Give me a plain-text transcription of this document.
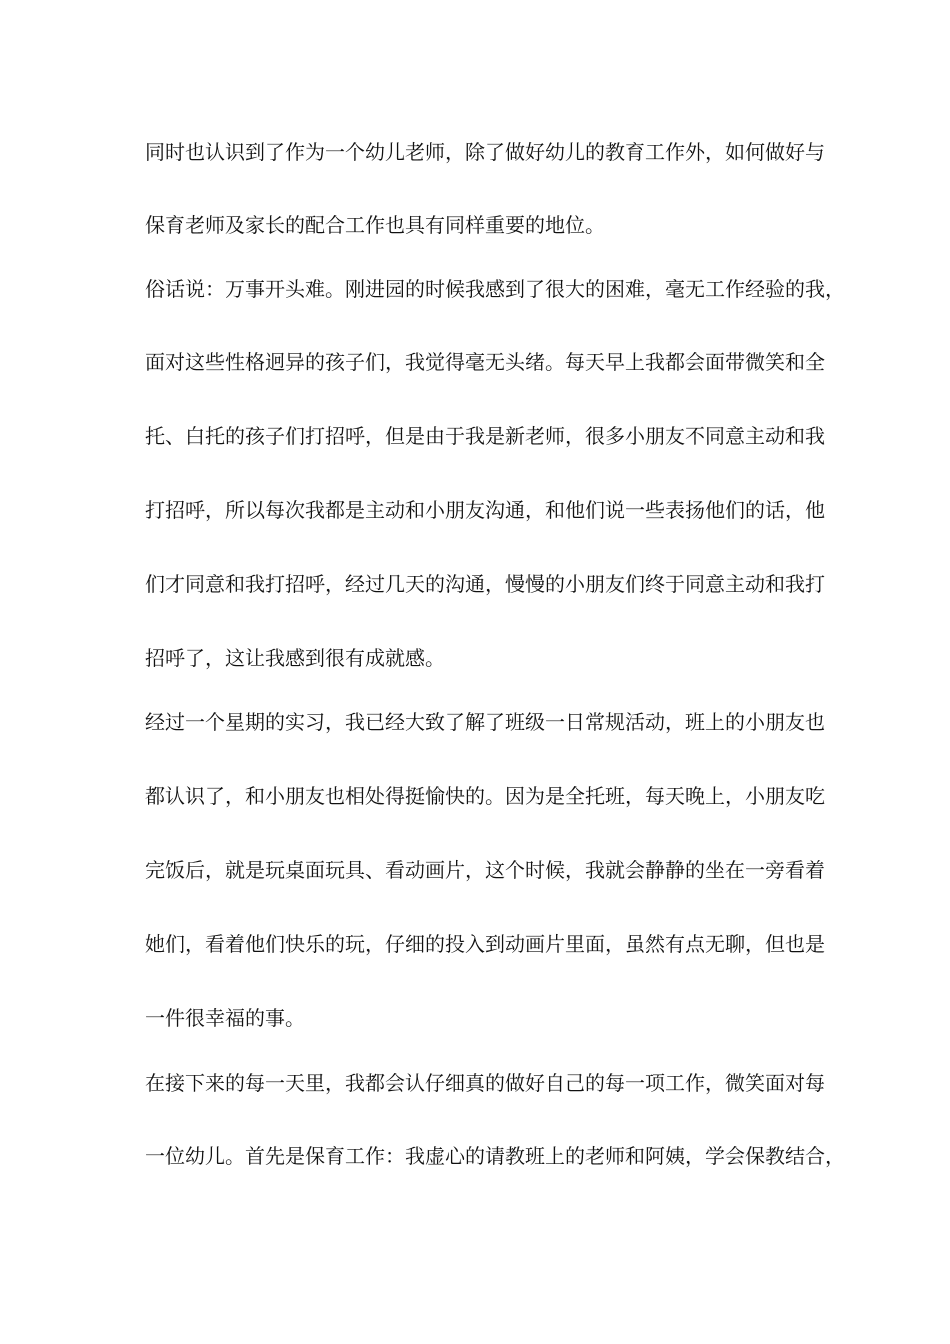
同时也认识到了作为一个幼儿老师，除了做好幼儿的教育工作外，如何做好与
保育老师及家长的配合工作也具有同样重要的地位。
俗话说：万事开头难。刚进园的时候我感到了很大的困难，毫无工作经验的我，
面对这些性格迥异的孩子们，我觉得毫无头绪。每天早上我都会面带微笑和全
托、白托的孩子们打招呼，但是由于我是新老师，很多小朋友不同意主动和我
打招呼，所以每次我都是主动和小朋友沟通，和他们说一些表扬他们的话，他
们才同意和我打招呼，经过几天的沟通，慢慢的小朋友们终于同意主动和我打
招呼了，这让我感到很有成就感。
经过一个星期的实习，我已经大致了解了班级一日常规活动，班上的小朋友也
都认识了，和小朋友也相处得挺愉快的。因为是全托班，每天晚上，小朋友吃
完饭后，就是玩桌面玩具、看动画片，这个时候，我就会静静的坐在一旁看着
她们，看着他们快乐的玩，仔细的投入到动画片里面，虽然有点无聊，但也是
一件很幸福的事。
在接下来的每一天里，我都会认仔细真的做好自己的每一项工作，微笑面对每
一位幼儿。首先是保育工作：我虚心的请教班上的老师和阿姨，学会保教结合，
